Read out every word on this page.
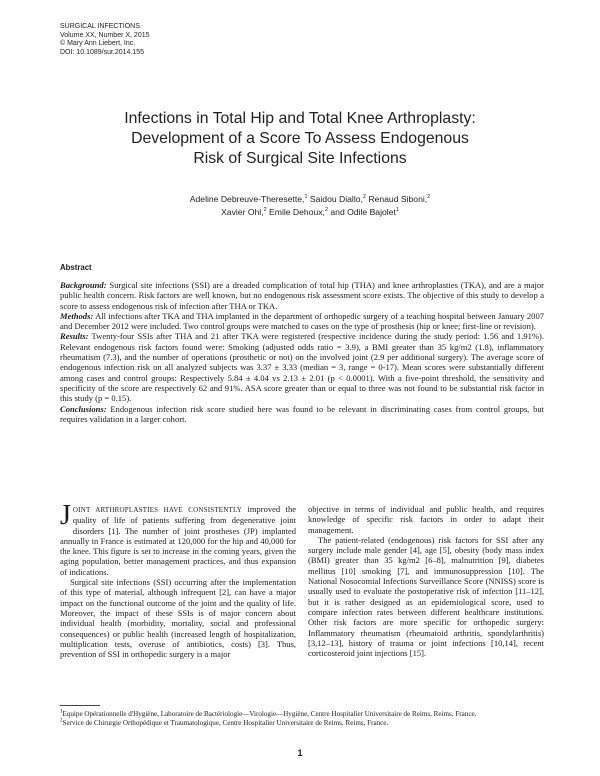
SURGICAL INFECTIONS
Volume XX, Number X, 2015
© Mary Ann Liebert, Inc.
DOI: 10.1089/sur.2014.155
Infections in Total Hip and Total Knee Arthroplasty:
Development of a Score To Assess Endogenous
Risk of Surgical Site Infections
Adeline Debreuve-Theresette,$^1$ Saidou Diallo,$^2$ Renaud Siboni,$^2$
Xavier Ohl,$^2$ Emile Dehoux,$^2$ and Odile Bajolet$^1$
Abstract

Background: Surgical site infections (SSI) are a dreaded complication of total hip (THA) and knee arthroplasties (TKA), and are a major public health concern. Risk factors are well known, but no endogenous risk assessment score exists. The objective of this study to develop a score to assess endogenous risk of infection after THA or TKA.

Methods: All infections after TKA and THA implanted in the department of orthopedic surgery of a teaching hospital between January 2007 and December 2012 were included. Two control groups were matched to cases on the type of prosthesis (hip or knee; first-line or revision).

Results: Twenty-four SSIs after THA and 21 after TKA were registered (respective incidence during the study period: 1.56 and 1.91%). Relevant endogenous risk factors found were: Smoking (adjusted odds ratio = 3.9), a BMI greater than 35 kg/m2 (1.8), inflammatory rheumatism (7.3), and the number of operations (prosthetic or not) on the involved joint (2.9 per additional surgery). The average score of endogenous infection risk on all analyzed subjects was 3.37 ± 3.33 (median = 3, range = 0-17). Mean scores were substantially different among cases and control groups: Respectively 5.84 ± 4.04 vs 2.13 ± 2.01 (p < 0.0001). With a five-point threshold, the sensitivity and specificity of the score are respectively 62 and 91%. ASA score greater than or equal to three was not found to be substantial risk factor in this study (p = 0.15).

Conclusions: Endogenous infection risk score studied here was found to be relevant in discriminating cases from control groups, but requires validation in a larger cohort.

JOINT ARTHROPLASTIES HAVE CONSISTENTLY improved the quality of life of patients suffering from degenerative joint disorders [1]. The number of joint prostheses (JP) implanted annually in France is estimated at 120,000 for the hip and 40,000 for the knee. This figure is set to increase in the coming years, given the aging population, better management practices, and thus expansion of indications.

Surgical site infections (SSI) occurring after the implementation of this type of material, although infrequent [2], can have a major impact on the functional outcome of the joint and the quality of life. Moreover, the impact of these SSIs is of major concern about individual health (morbidity, mortality, social and professional consequences) or public health (increased length of hospitalization, multiplication tests, overuse of antibiotics, costs) [3]. Thus, prevention of SSI in orthopedic surgery is a major

objective in terms of individual and public health, and requires knowledge of specific risk factors in order to adapt their management.

The patient-related (endogenous) risk factors for SSI after any surgery include male gender [4], age [5], obesity (body mass index (BMI) greater than 35 kg/m2 [6–8], malnutrition [9], diabetes mellitus [10] smoking [7], and immunosuppression [10]. The National Nosocomial Infections Surveillance Score (NNISS) score is usually used to evaluate the postoperative risk of infection [11–12], but it is rather designed as an epidemiological score, used to compare infection rates between different healthcare institutions. Other risk factors are more specific for orthopedic surgery: Inflammatory rheumatism (rheumatoid arthritis, spondylarthritis) [3,12–13], history of trauma or joint infections [10,14], recent corticosteroid joint injections [15].

$^1$Equipe Opérationnelle d'Hygiène, Laboratoire de Bactériologie—Virologie—Hygiène, Centre Hospitalier Universitaire de Reims, Reims, France.

$^2$Service de Chirurgie Orthopédique et Traumatologique, Centre Hospitalier Universitaire de Reims, Reims, France.

1
